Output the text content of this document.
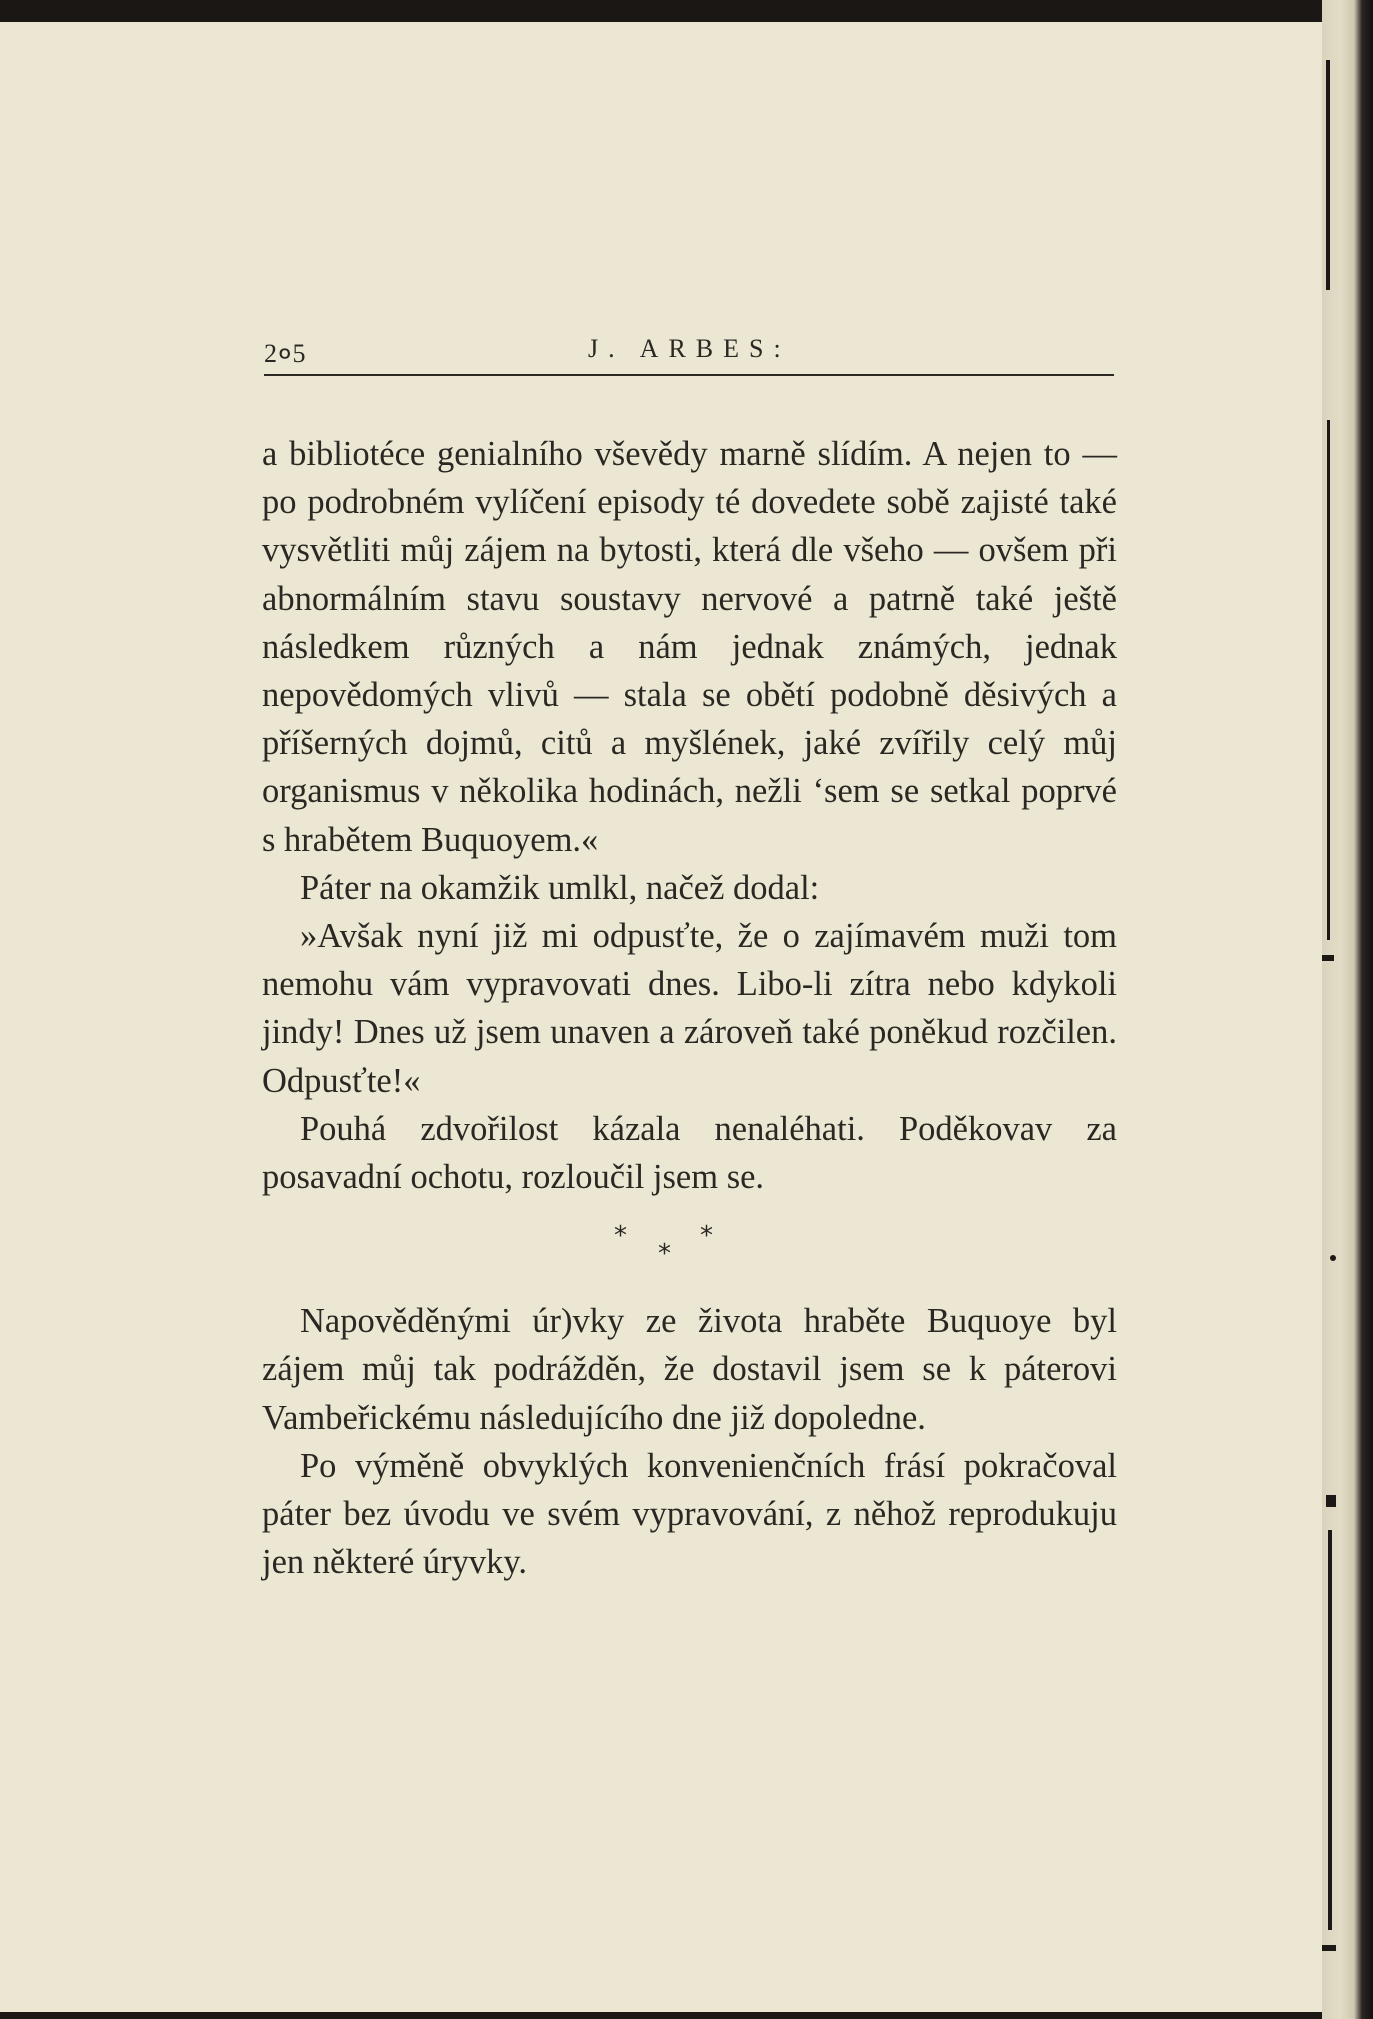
2०5	J. ARBES:

a bibliotéce genialního vševědy marně slídím. A nejen to — po podrobném vylíčení episody té dovedete sobě zajisté také vysvětliti můj zájem na bytosti, která dle všeho — ovšem při abnormálním stavu soustavy nervové a patrně také ještě následkem různých a nám jednak známých, jednak nepovědomých vlivů — stala se obětí podobně děsivých a příšerných dojmů, citů a myšlének, jaké zvířily celý můj organismus v několika hodinách, nežli ‘sem se setkal poprvé s hrabětem Buquoyem.«

Páter na okamžik umlkl, načež dodal:

»Avšak nyní již mi odpusťte, že o zajímavém muži tom nemohu vám vypravovati dnes. Libo-li zítra nebo kdykoli jindy! Dnes už jsem unaven a zároveň také poněkud rozčilen. Odpusťte!«

Pouhá zdvořilost kázala nenaléhati. Poděkovav za posavadní ochotu, rozloučil jsem se.

*
*
*

Napověděnými úr)vky ze života hraběte Buquoye byl zájem můj tak podrážděn, že dostavil jsem se k páterovi Vambeřickému následujícího dne již dopoledne.

Po výměně obvyklých konvenienčních frásí pokračoval páter bez úvodu ve svém vypravování, z něhož reprodukuju jen některé úryvky.
